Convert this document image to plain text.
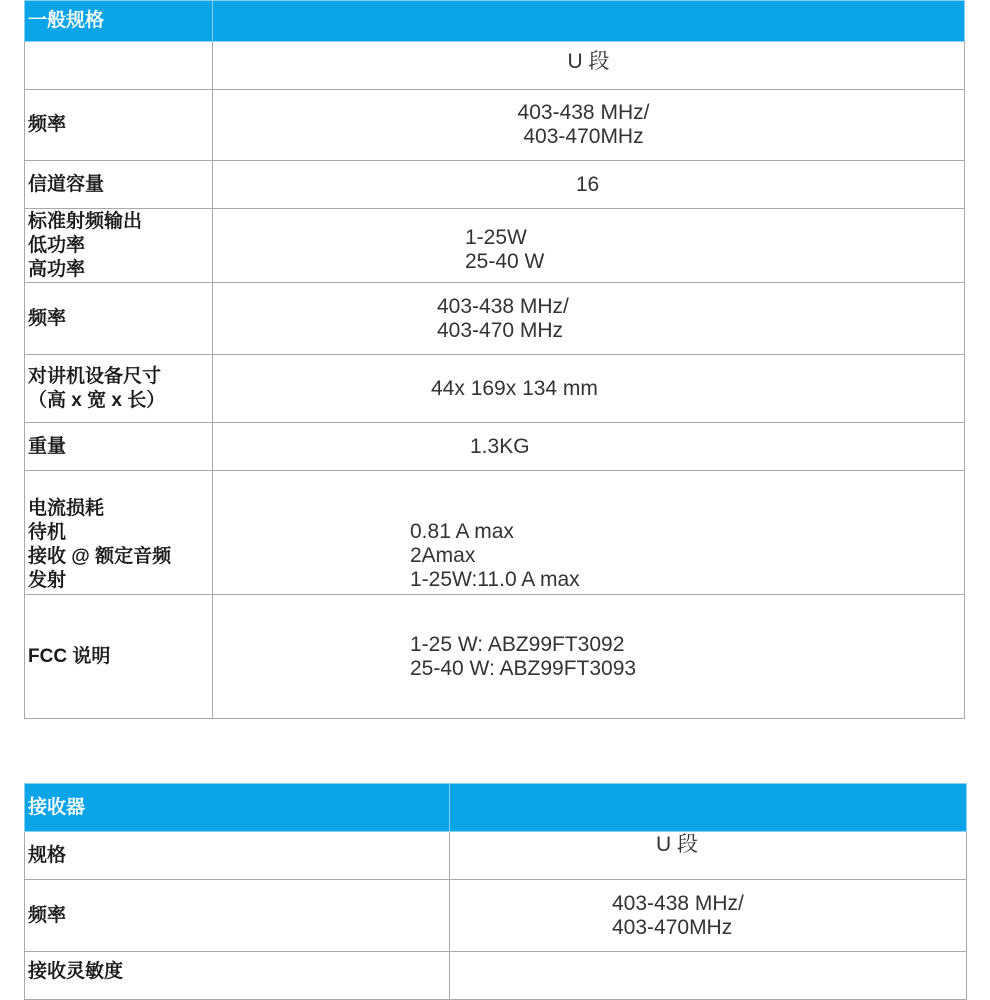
一般规格	

	U 段

频率	403-438 MHz/
403-470MHz

信道容量	16

标准射频输出
低功率
高功率	1-25W
25-40 W

频率	403-438 MHz/
403-470 MHz

对讲机设备尺寸
（高 x 宽 x 长）	44x 169x 134 mm

重量	1.3KG

电流损耗
待机
接收 @ 额定音频
发射	0.81 A max
2Amax
1-25W:11.0 A max

FCC 说明	1-25 W: ABZ99FT3092
25-40 W: ABZ99FT3093
接收器	

规格	U 段

频率	403-438 MHz/
403-470MHz

接收灵敏度	
